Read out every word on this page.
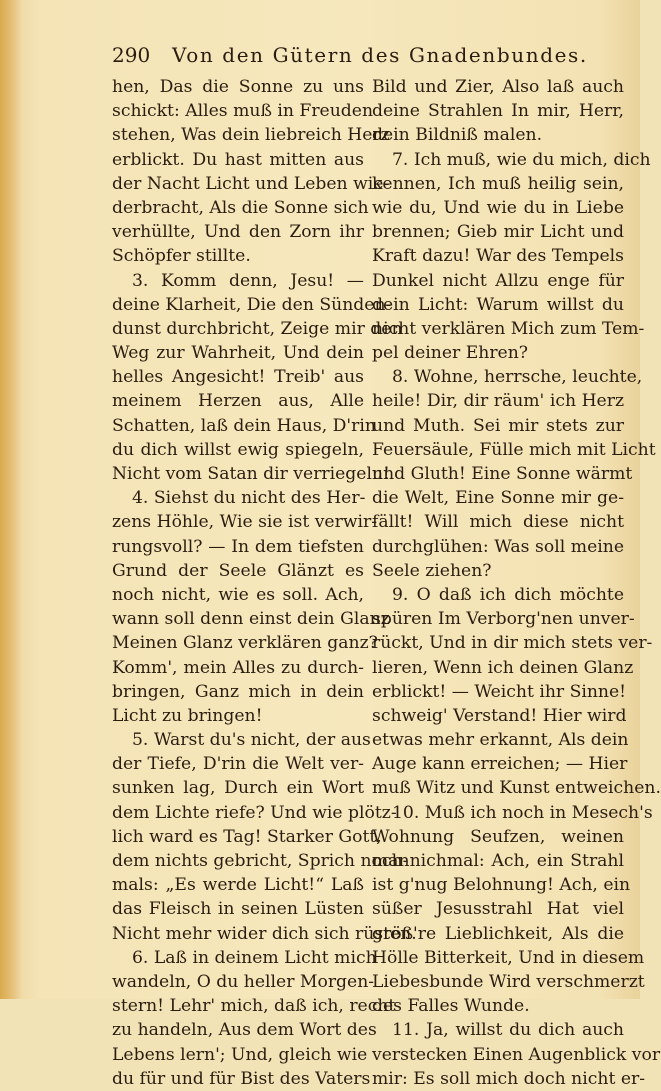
290 Von den Gütern des Gnadenbundes.
hen, Das die Sonne zu uns
schickt: Alles muß in Freuden
stehen, Was dein liebreich Herz
erblickt. Du hast mitten aus
der Nacht Licht und Leben wie-
derbracht, Als die Sonne sich
verhüllte, Und den Zorn ihr
Schöpfer stillte.
3. Komm denn, Jesu! —
deine Klarheit, Die den Sünden-
dunst durchbricht, Zeige mir den
Weg zur Wahrheit, Und dein
helles Angesicht! Treib' aus
meinem Herzen aus, Alle
Schatten, laß dein Haus, D'rin
du dich willst ewig spiegeln,
Nicht vom Satan dir verriegeln!
4. Siehst du nicht des Her-
zens Höhle, Wie sie ist verwir-
rungsvoll? — In dem tiefsten
Grund der Seele Glänzt es
noch nicht, wie es soll. Ach,
wann soll denn einst dein Glanz
Meinen Glanz verklären ganz?
Komm', mein Alles zu durch-
bringen, Ganz mich in dein
Licht zu bringen!
5. Warst du's nicht, der aus
der Tiefe, D'rin die Welt ver-
sunken lag, Durch ein Wort
dem Lichte riefe? Und wie plötz-
lich ward es Tag! Starker Gott,
dem nichts gebricht, Sprich noch-
mals: „Es werde Licht!“ Laß
das Fleisch in seinen Lüsten
Nicht mehr wider dich sich rüsten.
6. Laß in deinem Licht mich
wandeln, O du heller Morgen-
stern! Lehr' mich, daß ich, recht
zu handeln, Aus dem Wort des
Lebens lern'; Und, gleich wie
du für und für Bist des Vaters
Bild und Zier, Also laß auch
deine Strahlen In mir, Herr,
dein Bildniß malen.
7. Ich muß, wie du mich, dich
kennen, Ich muß heilig sein,
wie du, Und wie du in Liebe
brennen; Gieb mir Licht und
Kraft dazu! War des Tempels
Dunkel nicht Allzu enge für
dein Licht: Warum willst du
nicht verklären Mich zum Tem-
pel deiner Ehren?
8. Wohne, herrsche, leuchte,
heile! Dir, dir räum' ich Herz
und Muth. Sei mir stets zur
Feuersäule, Fülle mich mit Licht
und Gluth! Eine Sonne wärmt
die Welt, Eine Sonne mir ge-
fällt! Will mich diese nicht
durchglühen: Was soll meine
Seele ziehen?
9. O daß ich dich möchte
spüren Im Verborg'nen unver-
rückt, Und in dir mich stets ver-
lieren, Wenn ich deinen Glanz
erblickt! — Weicht ihr Sinne!
schweig' Verstand! Hier wird
etwas mehr erkannt, Als dein
Auge kann erreichen; — Hier
muß Witz und Kunst entweichen.
10. Muß ich noch in Mesech's
Wohnung Seufzen, weinen
mannichmal: Ach, ein Strahl
ist g'nug Belohnung! Ach, ein
süßer Jesusstrahl Hat viel
größ're Lieblichkeit, Als die
Hölle Bitterkeit, Und in diesem
Liebesbunde Wird verschmerzt
des Falles Wunde.
11. Ja, willst du dich auch
verstecken Einen Augenblick vor
mir: Es soll mich doch nicht er-
